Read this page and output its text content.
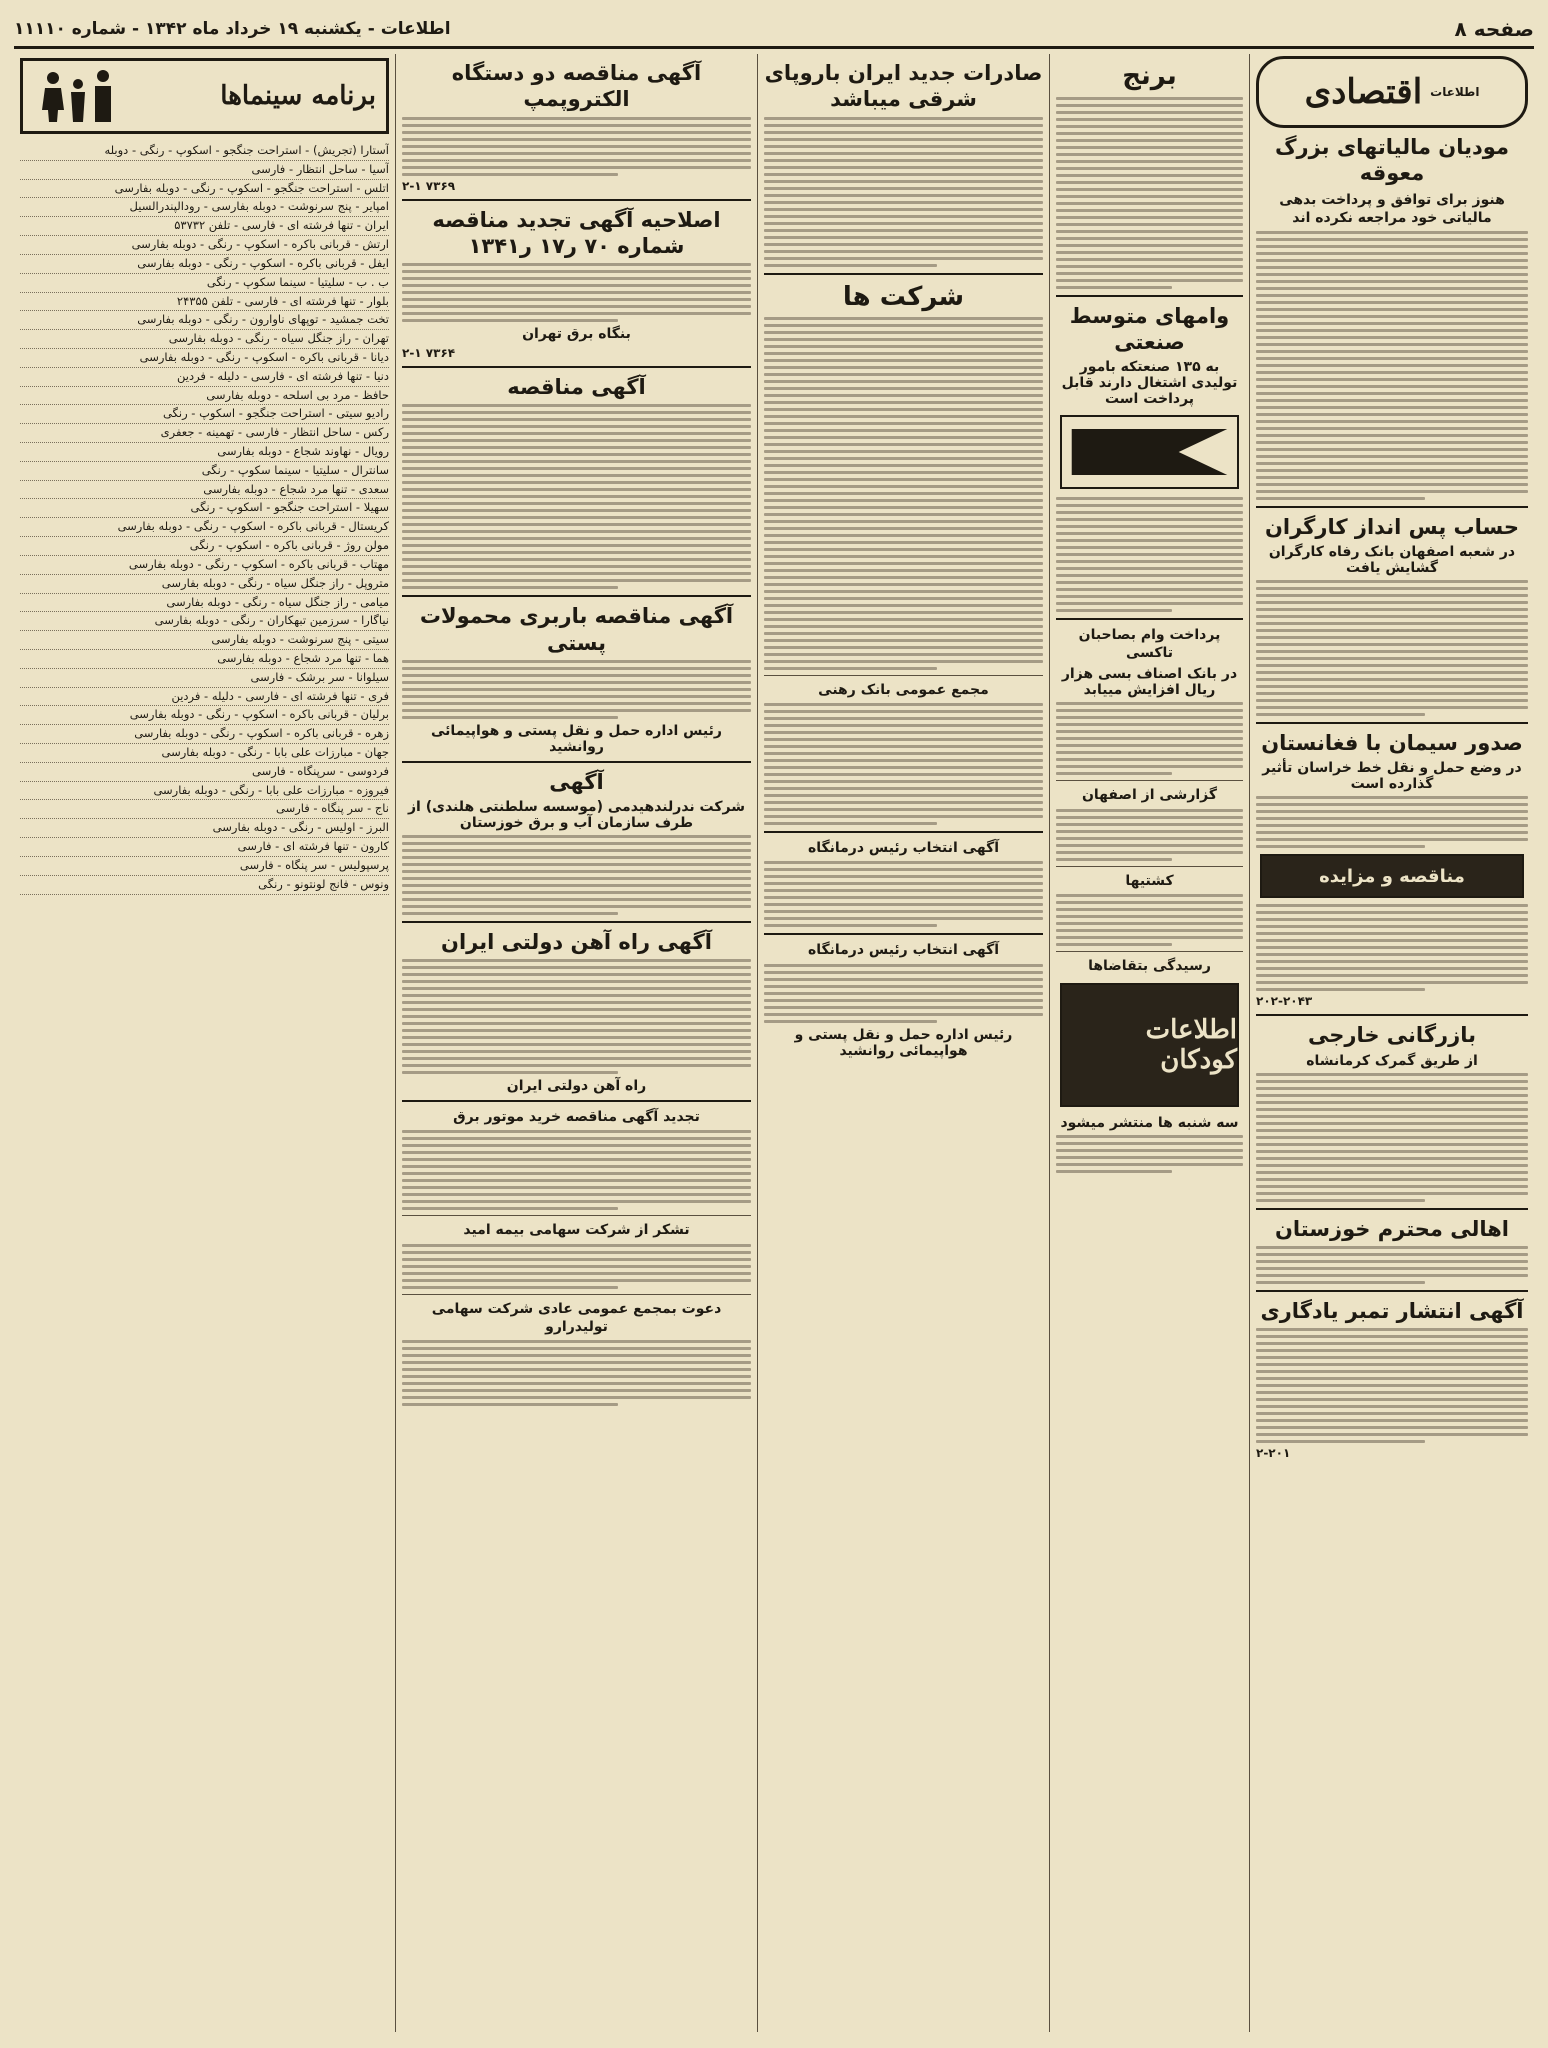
صفحه ۸
اطلاعات - یکشنبه ۱۹ خرداد ماه ۱۳۴۲ - شماره ۱۱۱۱۰
اطلاعات
اقتصادی
مودیان مالیاتهای بزرگ معوقه
هنوز برای توافق و پرداخت بدهی مالیاتی خود مراجعه نکرده اند
حساب پس انداز کارگران
در شعبه اصفهان بانک رفاه کارگران گشایش یافت
صدور سیمان با فغانستان
در وضع حمل و نقل خط خراسان تأثیر گذارده است
مناقصه و مزایده
۲۰۲-۲۰۴۳
بازرگانی خارجی
از طریق گمرک کرمانشاه
اهالی محترم خوزستان
آگهی انتشار تمبر یادگاری
۲-۲۰۱
برنج
وامهای متوسط صنعتی
به ۱۳۵ صنعتکه بامور تولیدی اشتغال دارند قابل پرداخت است
پرداخت وام بصاحبان تاکسی
در بانک اصناف بسی هزار ریال افزایش مییابد
گزارشی از اصفهان
کشتیها
رسیدگی بتقاضاها
اطلاعات کودکان
سه شنبه ها منتشر میشود
صادرات جدید ایران باروپای شرقی میباشد
شرکت ها
مجمع عمومی بانک رهنی
آگهی انتخاب رئیس درمانگاه
آگهی انتخاب رئیس درمانگاه
رئیس اداره حمل و نقل پستی و هواپیمائی روانشید
آگهی مناقصه دو دستگاه الکتروپمپ
۲-۱ ۷۳۶۹
اصلاحیه آگهی تجدید مناقصه شماره ۷۰ ر۱۷ ر۱۳۴۱
بنگاه برق تهران
۲-۱ ۷۳۶۴
آگهی مناقصه
آگهی مناقصه باربری محمولات پستی
رئیس اداره حمل و نقل پستی و هواپیمائی روانشید
آگهی
شرکت ندرلندهیدمی (موسسه سلطنتی هلندی) از طرف سازمان آب و برق خوزستان
آگهی راه آهن دولتی ایران
راه آهن دولتی ایران
تجدید آگهی مناقصه خرید موتور برق
تشکر از شرکت سهامی بیمه امید
دعوت بمجمع عمومی عادی شرکت سهامی تولیدرارو
برنامه سینماها
آستارا (تجریش) - استراحت جنگجو - اسکوپ - رنگی - دوبله
آسیا - ساحل انتظار - فارسی
اتلس - استراحت جنگجو - اسکوپ - رنگی - دوبله بفارسی
امپایر - پنج سرنوشت - دوبله بفارسی - رودالپندرالسیل
ایران - تنها فرشته ای - فارسی - تلفن ۵۳۷۳۲
ارتش - قربانی باکره - اسکوپ - رنگی - دوبله بفارسی
ایفل - قربانی باکره - اسکوپ - رنگی - دوبله بفارسی
ب . ب - سلیتیا - سینما سکوپ - رنگی
بلوار - تنها فرشته ای - فارسی - تلفن ۲۴۳۵۵
تخت جمشید - توپهای ناوارون - رنگی - دوبله بفارسی
تهران - راز جنگل سیاه - رنگی - دوبله بفارسی
دیانا - قربانی باکره - اسکوپ - رنگی - دوبله بفارسی
دنیا - تنها فرشته ای - فارسی - دلیله - فردین
حافظ - مرد بی اسلحه - دوبله بفارسی
رادیو سیتی - استراحت جنگجو - اسکوپ - رنگی
رکس - ساحل انتظار - فارسی - تهمینه - جعفری
رویال - نهاوند شجاع - دوبله بفارسی
سانترال - سلیتیا - سینما سکوپ - رنگی
سعدی - تنها مرد شجاع - دوبله بفارسی
سهیلا - استراحت جنگجو - اسکوپ - رنگی
کریستال - قربانی باکره - اسکوپ - رنگی - دوبله بفارسی
مولن روژ - قربانی باکره - اسکوپ - رنگی
مهتاب - قربانی باکره - اسکوپ - رنگی - دوبله بفارسی
متروپل - راز جنگل سیاه - رنگی - دوبله بفارسی
میامی - راز جنگل سیاه - رنگی - دوبله بفارسی
نیاگارا - سرزمین تبهکاران - رنگی - دوبله بفارسی
سیتی - پنج سرنوشت - دوبله بفارسی
هما - تنها مرد شجاع - دوبله بفارسی
سیلوانا - سر برشک - فارسی
فری - تنها فرشته ای - فارسی - دلیله - فردین
برلیان - قربانی باکره - اسکوپ - رنگی - دوبله بفارسی
زهره - قربانی باکره - اسکوپ - رنگی - دوبله بفارسی
جهان - مبارزات علی بابا - رنگی - دوبله بفارسی
فردوسی - سرپنگاه - فارسی
فیروزه - مبارزات علی بابا - رنگی - دوبله بفارسی
ناج - سر پنگاه - فارسی
البرز - اولیس - رنگی - دوبله بفارسی
کارون - تنها فرشته ای - فارسی
پرسپولیس - سر پنگاه - فارسی
ونوس - فانج لونتونو - رنگی
